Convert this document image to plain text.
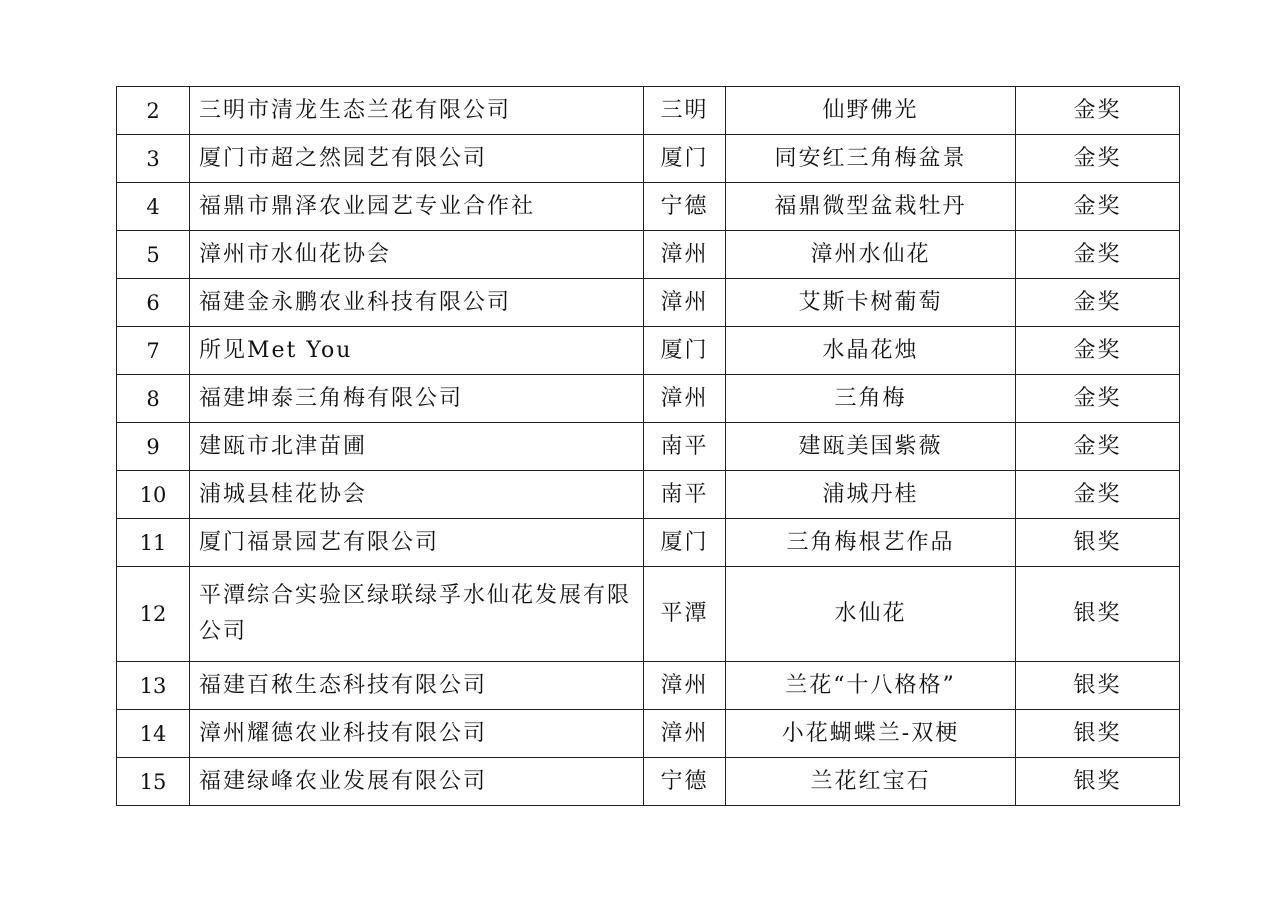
2	三明市清龙生态兰花有限公司	三明	仙野佛光	金奖
3	厦门市超之然园艺有限公司	厦门	同安红三角梅盆景	金奖
4	福鼎市鼎泽农业园艺专业合作社	宁德	福鼎微型盆栽牡丹	金奖
5	漳州市水仙花协会	漳州	漳州水仙花	金奖
6	福建金永鹏农业科技有限公司	漳州	艾斯卡树葡萄	金奖
7	所见Met You	厦门	水晶花烛	金奖
8	福建坤泰三角梅有限公司	漳州	三角梅	金奖
9	建瓯市北津苗圃	南平	建瓯美国紫薇	金奖
10	浦城县桂花协会	南平	浦城丹桂	金奖
11	厦门福景园艺有限公司	厦门	三角梅根艺作品	银奖
12	平潭综合实验区绿联绿孚水仙花发展有限公司	平潭	水仙花	银奖
13	福建百秾生态科技有限公司	漳州	兰花“十八格格”	银奖
14	漳州耀德农业科技有限公司	漳州	小花蝴蝶兰-双梗	银奖
15	福建绿峰农业发展有限公司	宁德	兰花红宝石	银奖
